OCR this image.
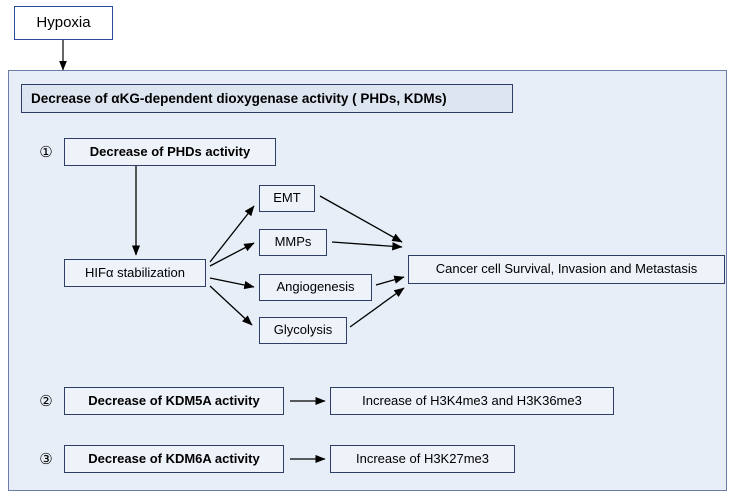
Hypoxia
Decrease of αKG-dependent dioxygenase activity ( PHDs, KDMs)
①
②
③
Decrease of PHDs activity
HIFα stabilization
EMT
MMPs
Angiogenesis
Glycolysis
Cancer cell Survival, Invasion and Metastasis
Decrease of KDM5A activity	Increase of H3K4me3 and H3K36me3
Decrease of KDM6A activity	Increase of H3K27me3
